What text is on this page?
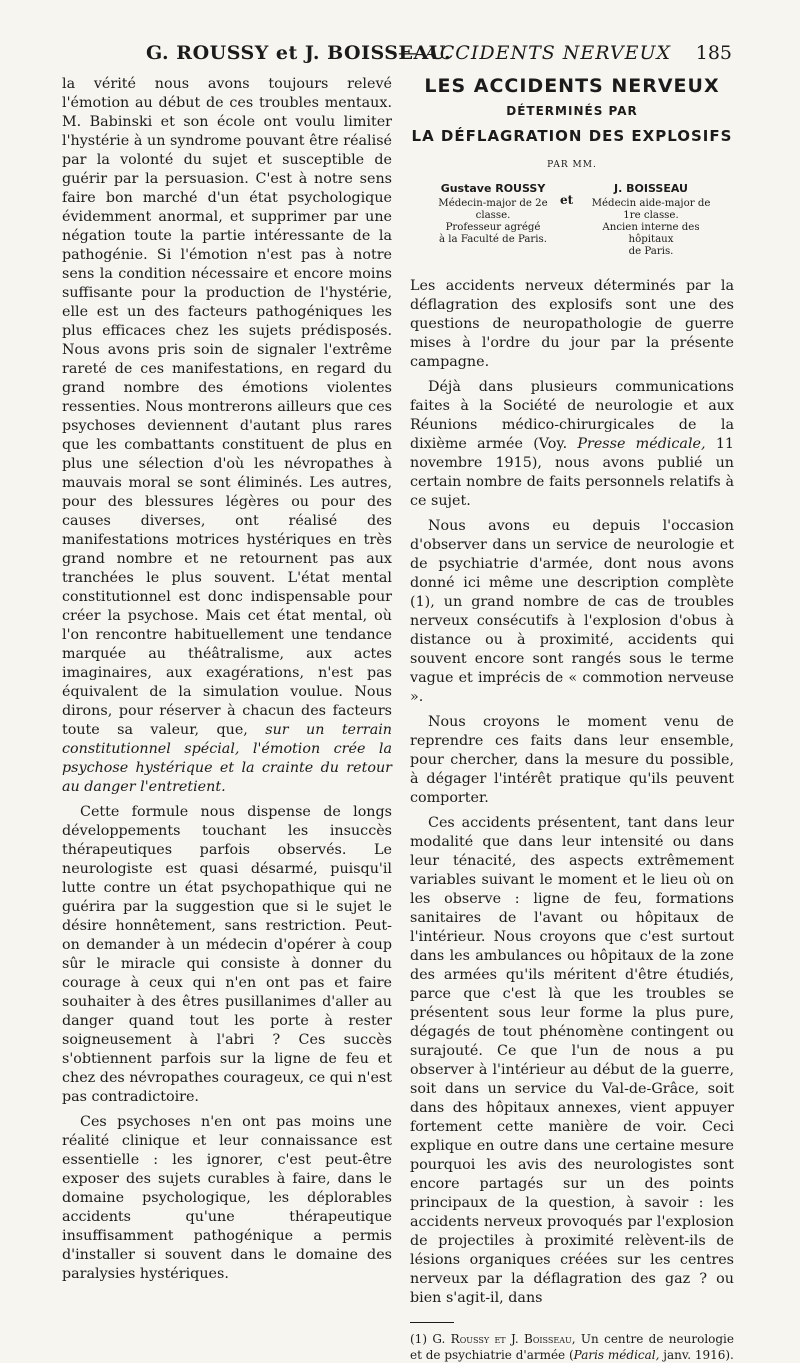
G. ROUSSY et J. BOISSEAU.
— ACCIDENTS NERVEUX 185

la vérité nous avons toujours relevé l'émotion au début de ces troubles mentaux. M. Babinski et son école ont voulu limiter l'hystérie à un syndrome pouvant être réalisé par la volonté du sujet et susceptible de guérir par la persuasion. C'est à notre sens faire bon marché d'un état psychologique évidemment anormal, et supprimer par une négation toute la partie intéressante de la pathogénie. Si l'émotion n'est pas à notre sens la condition nécessaire et encore moins suffisante pour la production de l'hystérie, elle est un des facteurs pathogéniques les plus efficaces chez les sujets prédisposés. Nous avons pris soin de signaler l'extrême rareté de ces manifestations, en regard du grand nombre des émotions violentes ressenties. Nous montrerons ailleurs que ces psychoses deviennent d'autant plus rares que les combattants constituent de plus en plus une sélection d'où les névropathes à mauvais moral se sont éliminés. Les autres, pour des blessures légères ou pour des causes diverses, ont réalisé des manifestations motrices hystériques en très grand nombre et ne retournent pas aux tranchées le plus souvent. L'état mental constitutionnel est donc indispensable pour créer la psychose. Mais cet état mental, où l'on rencontre habituellement une tendance marquée au théâtralisme, aux actes imaginaires, aux exagérations, n'est pas équivalent de la simulation voulue. Nous dirons, pour réserver à chacun des facteurs toute sa valeur, que, sur un terrain constitutionnel spécial, l'émotion crée la psychose hystérique et la crainte du retour au danger l'entretient.

Cette formule nous dispense de longs développements touchant les insuccès thérapeutiques parfois observés. Le neurologiste est quasi désarmé, puisqu'il lutte contre un état psychopathique qui ne guérira par la suggestion que si le sujet le désire honnêtement, sans restriction. Peut-on demander à un médecin d'opérer à coup sûr le miracle qui consiste à donner du courage à ceux qui n'en ont pas et faire souhaiter à des êtres pusillanimes d'aller au danger quand tout les porte à rester soigneusement à l'abri ? Ces succès s'obtiennent parfois sur la ligne de feu et chez des névropathes courageux, ce qui n'est pas contradictoire.

Ces psychoses n'en ont pas moins une réalité clinique et leur connaissance est essentielle : les ignorer, c'est peut-être exposer des sujets curables à faire, dans le domaine psychologique, les déplorables accidents qu'une thérapeutique insuffisamment pathogénique a permis d'installer si souvent dans le domaine des paralysies hystériques.

LES ACCIDENTS NERVEUX
DÉTERMINÉS PAR
LA DÉFLAGRATION DES EXPLOSIFS
PAR MM.
Gustave ROUSSY
Médecin-major de 2e classe.
Professeur agrégé
à la Faculté de Paris.
et
J. BOISSEAU
Médecin aide-major de 1re classe.
Ancien interne des hôpitaux
de Paris.

Les accidents nerveux déterminés par la déflagration des explosifs sont une des questions de neuropathologie de guerre mises à l'ordre du jour par la présente campagne.

Déjà dans plusieurs communications faites à la Société de neurologie et aux Réunions médico-chirurgicales de la dixième armée (Voy. Presse médicale, 11 novembre 1915), nous avons publié un certain nombre de faits personnels relatifs à ce sujet.

Nous avons eu depuis l'occasion d'observer dans un service de neurologie et de psychiatrie d'armée, dont nous avons donné ici même une description complète (1), un grand nombre de cas de troubles nerveux consécutifs à l'explosion d'obus à distance ou à proximité, accidents qui souvent encore sont rangés sous le terme vague et imprécis de « commotion nerveuse ».

Nous croyons le moment venu de reprendre ces faits dans leur ensemble, pour chercher, dans la mesure du possible, à dégager l'intérêt pratique qu'ils peuvent comporter.

Ces accidents présentent, tant dans leur modalité que dans leur intensité ou dans leur ténacité, des aspects extrêmement variables suivant le moment et le lieu où on les observe : ligne de feu, formations sanitaires de l'avant ou hôpitaux de l'intérieur. Nous croyons que c'est surtout dans les ambulances ou hôpitaux de la zone des armées qu'ils méritent d'être étudiés, parce que c'est là que les troubles se présentent sous leur forme la plus pure, dégagés de tout phénomène contingent ou surajouté. Ce que l'un de nous a pu observer à l'intérieur au début de la guerre, soit dans un service du Val-de-Grâce, soit dans des hôpitaux annexes, vient appuyer fortement cette manière de voir. Ceci explique en outre dans une certaine mesure pourquoi les avis des neurologistes sont encore partagés sur un des points principaux de la question, à savoir : les accidents nerveux provoqués par l'explosion de projectiles à proximité relèvent-ils de lésions organiques créées sur les centres nerveux par la déflagration des gaz ? ou bien s'agit-il, dans

(1) G. Roussy et J. Boisseau, Un centre de neurologie et de psychiatrie d'armée (Paris médical, janv. 1916).
